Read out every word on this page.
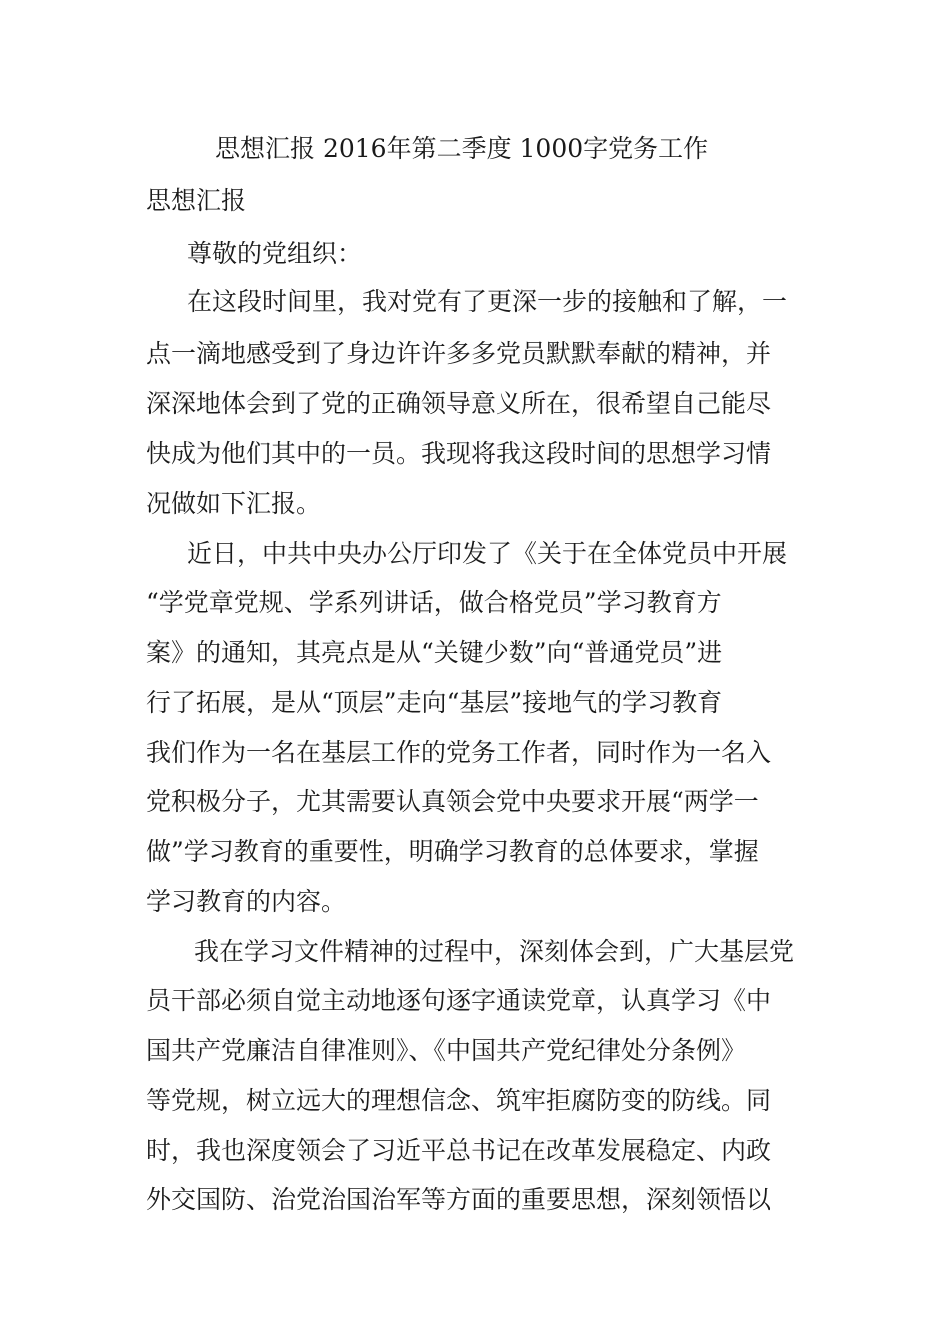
思想汇报 2016年第二季度 1000字党务工作
思想汇报
尊敬的党组织：
在这段时间里，我对党有了更深一步的接触和了解，一
点一滴地感受到了身边许许多多党员默默奉献的精神，并
深深地体会到了党的正确领导意义所在，很希望自己能尽
快成为他们其中的一员。我现将我这段时间的思想学习情
况做如下汇报。
近日，中共中央办公厅印发了《关于在全体党员中开展
“学党章党规、学系列讲话，做合格党员”学习教育方
案》的通知，其亮点是从“关键少数”向“普通党员”进
行了拓展，是从“顶层”走向“基层”接地气的学习教育
我们作为一名在基层工作的党务工作者，同时作为一名入
党积极分子，尤其需要认真领会党中央要求开展“两学一
做”学习教育的重要性，明确学习教育的总体要求，掌握
学习教育的内容。
我在学习文件精神的过程中，深刻体会到，广大基层党
员干部必须自觉主动地逐句逐字通读党章，认真学习《中
国共产党廉洁自律准则》、《中国共产党纪律处分条例》
等党规，树立远大的理想信念、筑牢拒腐防变的防线。同
时，我也深度领会了习近平总书记在改革发展稳定、内政
外交国防、治党治国治军等方面的重要思想，深刻领悟以
